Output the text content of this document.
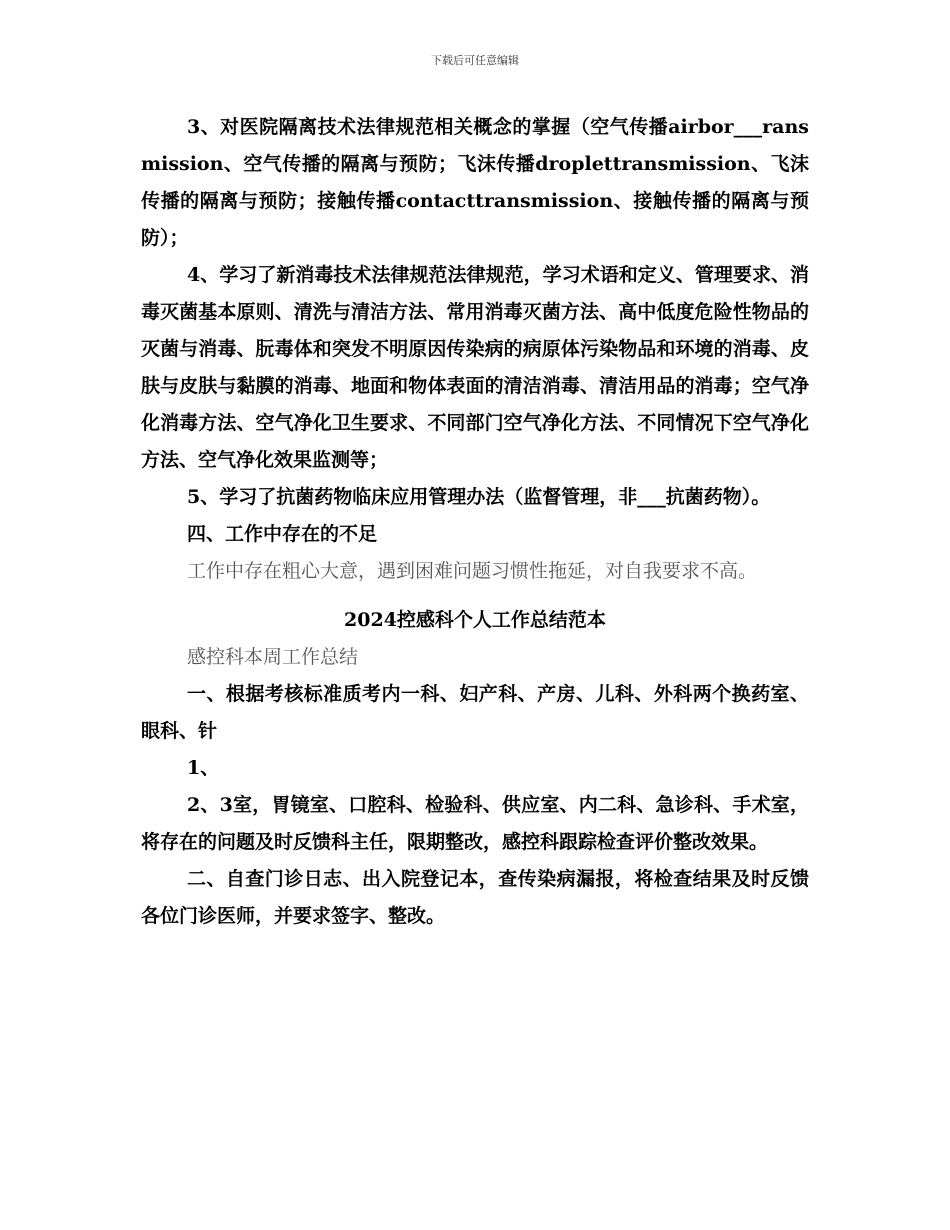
下载后可任意编辑

3、对医院隔离技术法律规范相关概念的掌握（空气传播airbor___ransmission、空气传播的隔离与预防；飞沫传播droplettransmission、飞沫传播的隔离与预防；接触传播contacttransmission、接触传播的隔离与预防）；

4、学习了新消毒技术法律规范法律规范，学习术语和定义、管理要求、消毒灭菌基本原则、清洗与清洁方法、常用消毒灭菌方法、高中低度危险性物品的灭菌与消毒、朊毒体和突发不明原因传染病的病原体污染物品和环境的消毒、皮肤与皮肤与黏膜的消毒、地面和物体表面的清洁消毒、清洁用品的消毒；空气净化消毒方法、空气净化卫生要求、不同部门空气净化方法、不同情况下空气净化方法、空气净化效果监测等；

5、学习了抗菌药物临床应用管理办法（监督管理，非___抗菌药物）。

四、工作中存在的不足

工作中存在粗心大意，遇到困难问题习惯性拖延，对自我要求不高。

2024控感科个人工作总结范本

感控科本周工作总结

一、根据考核标准质考内一科、妇产科、产房、儿科、外科两个换药室、眼科、针

1、

2、3室，胃镜室、口腔科、检验科、供应室、内二科、急诊科、手术室，将存在的问题及时反馈科主任，限期整改，感控科跟踪检查评价整改效果。

二、自查门诊日志、出入院登记本，查传染病漏报，将检查结果及时反馈各位门诊医师，并要求签字、整改。
